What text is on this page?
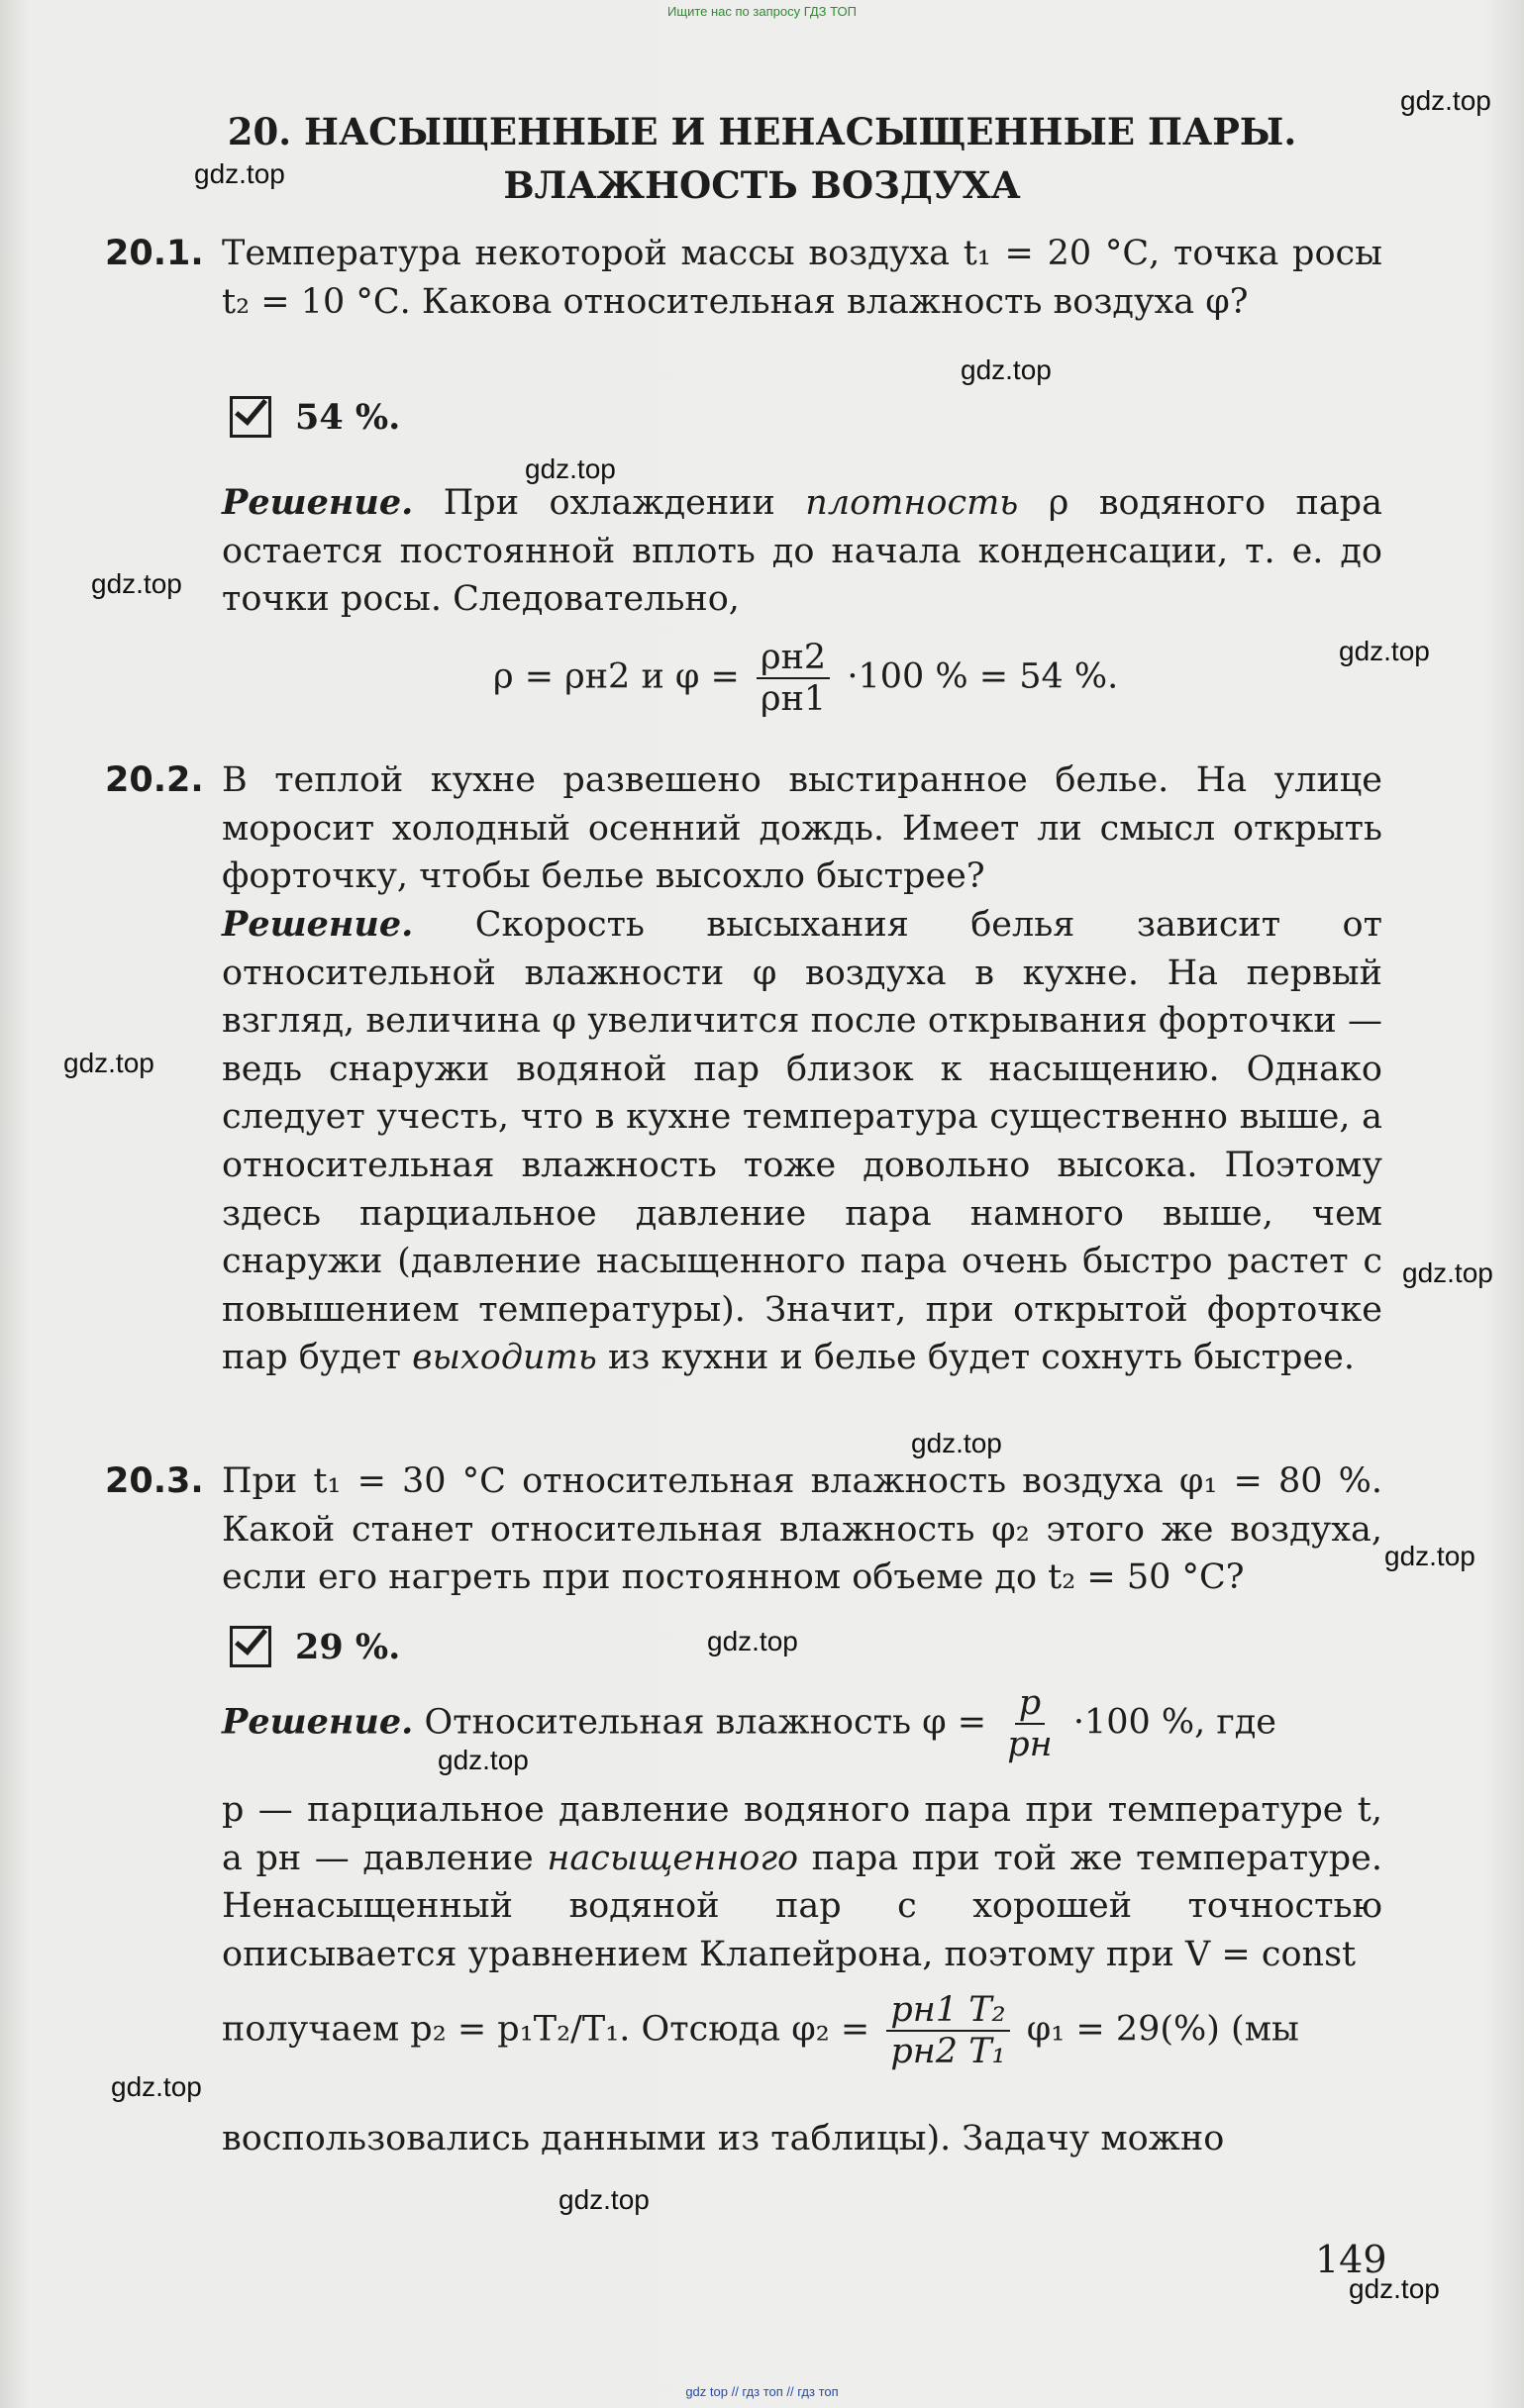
Ищите нас по запросу ГДЗ ТОП
gdz.top
gdz.top
gdz.top
gdz.top
gdz.top
gdz.top
gdz.top
gdz.top
gdz.top
gdz.top
gdz.top
gdz.top
gdz.top
gdz.top
gdz.top
20. НАСЫЩЕННЫЕ И НЕНАСЫЩЕННЫЕ ПАРЫ.
ВЛАЖНОСТЬ ВОЗДУХА
20.1. Температура некоторой массы воздуха t₁ = 20 °С, точка росы t₂ = 10 °С. Какова относительная влажность воздуха φ?
54 %.
Решение. При охлаждении плотность ρ водяного пара остается постоянной вплоть до начала конденсации, т. е. до точки росы. Следовательно,
ρ = ρн2 и $\varphi = \frac{\rho н2}{\rho н1} \cdot 100$ % = 54 %.
20.2. В теплой кухне развешено выстиранное белье. На улице моросит холодный осенний дождь. Имеет ли смысл открыть форточку, чтобы белье высохло быстрее?
Решение. Скорость высыхания белья зависит от относительной влажности φ воздуха в кухне. На первый взгляд, величина φ увеличится после открывания форточки — ведь снаружи водяной пар близок к насыщению. Однако следует учесть, что в кухне температура существенно выше, а относительная влажность тоже довольно высока. Поэтому здесь парциальное давление пара намного выше, чем снаружи (давление насыщенного пара очень быстро растет с повышением температуры). Значит, при открытой форточке пар будет выходить из кухни и белье будет сохнуть быстрее.
20.3. При t₁ = 30 °С относительная влажность воздуха φ₁ = 80 %. Какой станет относительная влажность φ₂ этого же воздуха, если его нагреть при постоянном объеме до t₂ = 50 °С?
29 %.
Решение. Относительная влажность $\varphi = \frac{p}{pн} \cdot 100$ %, где
p — парциальное давление водяного пара при температуре t, а pн — давление насыщенного пара при той же температуре. Ненасыщенный водяной пар с хорошей точностью описывается уравнением Клапейрона, поэтому при V = const
получаем p₂ = p₁T₂/T₁. Отсюда $\varphi_2 = \frac{\text{pн1 T₂}}{\text{pн2 T₁}} \varphi_1 = 29(\%)$ (мы
воспользовались данными из таблицы). Задачу можно
149
gdz top // гдз топ // гдз топ
